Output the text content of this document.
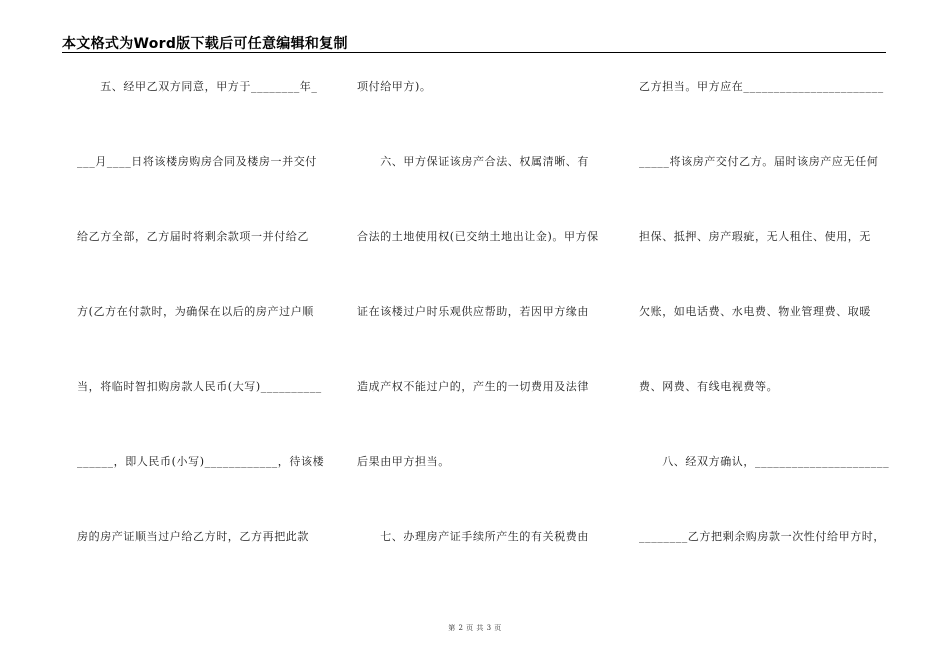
本文格式为Word版下载后可任意编辑和复制
　　五、经甲乙双方同意，甲方于________年_
___月____日将该楼房购房合同及楼房一并交付
给乙方全部，乙方届时将剩余款项一并付给乙
方(乙方在付款时，为确保在以后的房产过户顺
当，将临时智扣购房款人民币(大写)__________
______，即人民币(小写)____________，待该楼
房的房产证顺当过户给乙方时，乙方再把此款
项付给甲方)。
　　六、甲方保证该房产合法、权属清晰、有
合法的土地使用权(已交纳土地出让金)。甲方保
证在该楼过户时乐观供应帮助，若因甲方缘由
造成产权不能过户的，产生的一切费用及法律
后果由甲方担当。
　　七、办理房产证手续所产生的有关税费由
乙方担当。甲方应在_______________________
_____将该房产交付乙方。届时该房产应无任何
担保、抵押、房产瑕疵，无人租住、使用，无
欠账，如电话费、水电费、物业管理费、取暖
费、网费、有线电视费等。
　　八、经双方确认，______________________
________乙方把剩余购房款一次性付给甲方时，
第 2 页 共 3 页
